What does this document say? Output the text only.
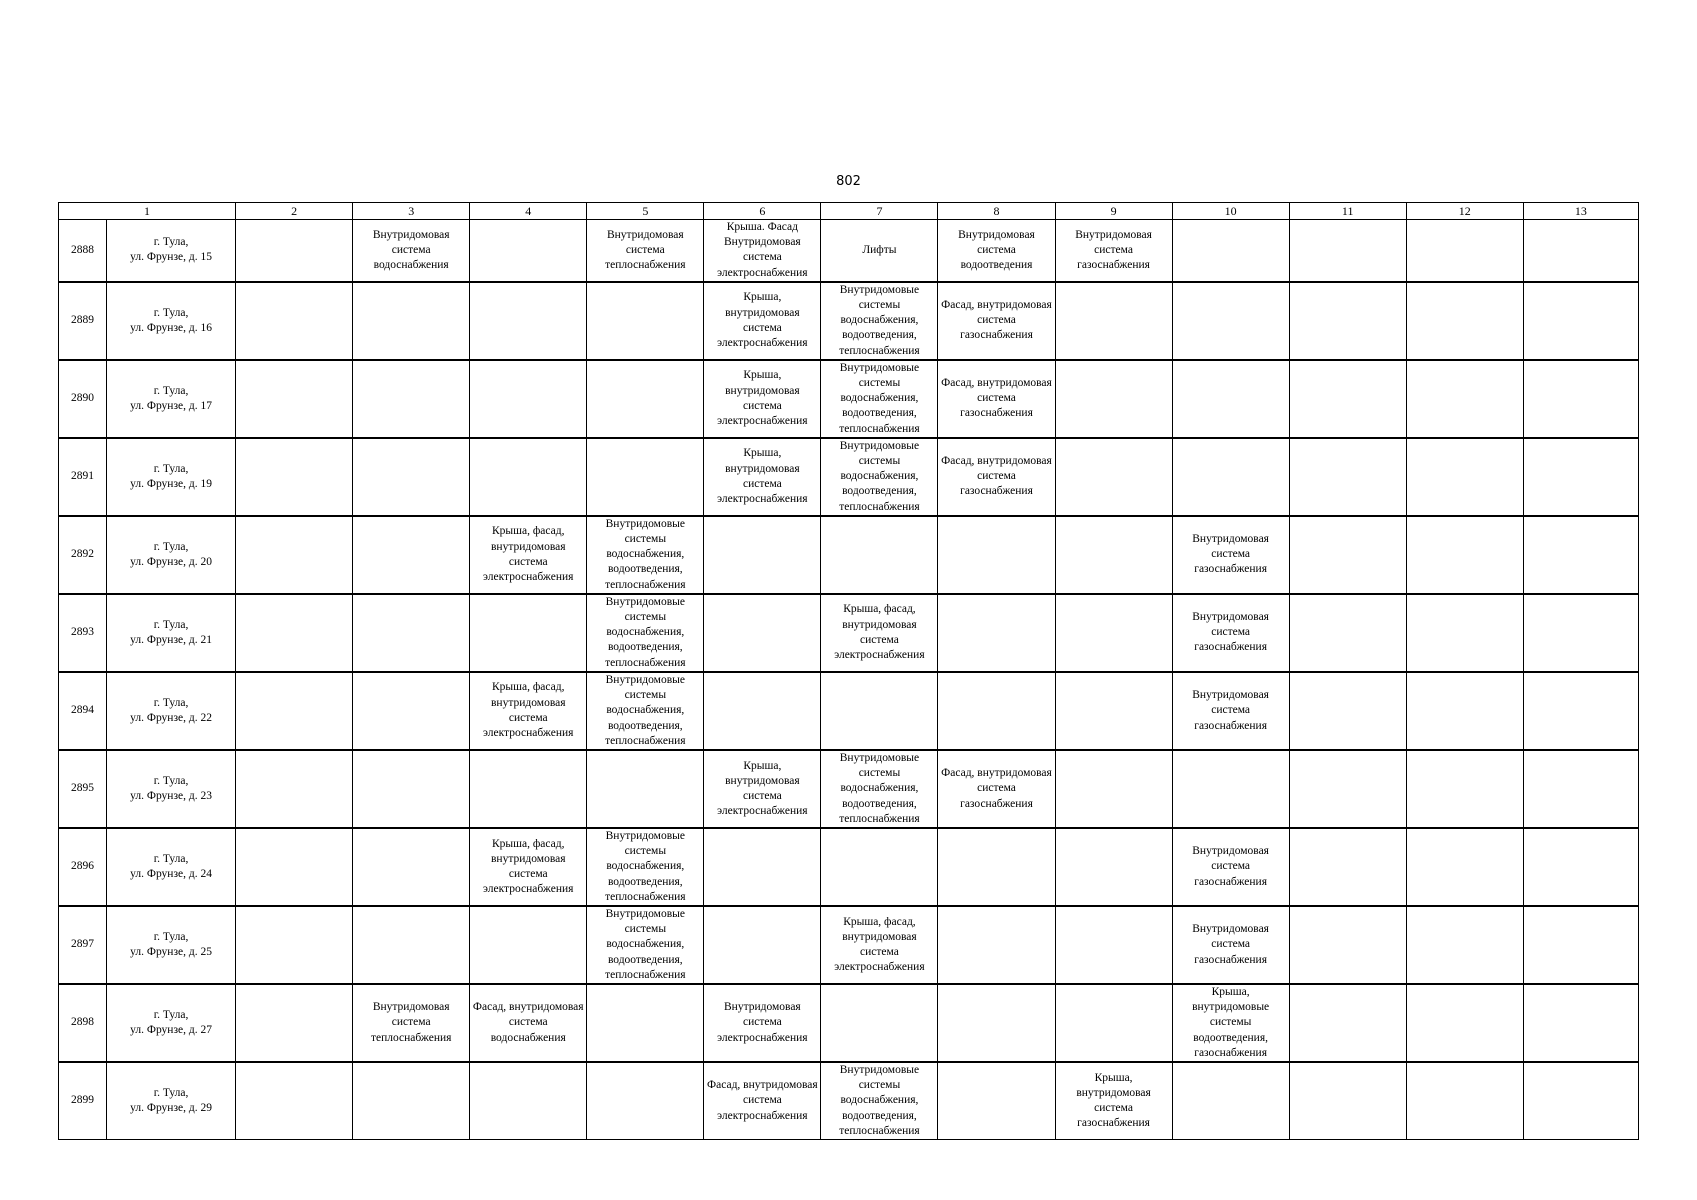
802
1		2	3	4	5	6	7	8	9	10	11	12	13
2888	г. Тула,
ул. Фрунзе, д. 15		Внутридомовая система водоснабжения		Внутридомовая система теплоснабжения	Крыша. Фасад Внутридомовая система электроснабжения	Лифты	Внутридомовая система водоотведения	Внутридомовая система газоснабжения				
2889	г. Тула,
ул. Фрунзе, д. 16					Крыша, внутридомовая система электроснабжения	Внутридомовые системы водоснабжения, водоотведения, теплоснабжения	Фасад, внутридомовая система газоснабжения					
2890	г. Тула,
ул. Фрунзе, д. 17					Крыша, внутридомовая система электроснабжения	Внутридомовые системы водоснабжения, водоотведения, теплоснабжения	Фасад, внутридомовая система газоснабжения					
2891	г. Тула,
ул. Фрунзе, д. 19					Крыша, внутридомовая система электроснабжения	Внутридомовые системы водоснабжения, водоотведения, теплоснабжения	Фасад, внутридомовая система газоснабжения					
2892	г. Тула,
ул. Фрунзе, д. 20			Крыша, фасад, внутридомовая система электроснабжения	Внутридомовые системы водоснабжения, водоотведения, теплоснабжения					Внутридомовая система газоснабжения			
2893	г. Тула,
ул. Фрунзе, д. 21				Внутридомовые системы водоснабжения, водоотведения, теплоснабжения		Крыша, фасад, внутридомовая система электроснабжения			Внутридомовая система газоснабжения			
2894	г. Тула,
ул. Фрунзе, д. 22			Крыша, фасад, внутридомовая система электроснабжения	Внутридомовые системы водоснабжения, водоотведения, теплоснабжения					Внутридомовая система газоснабжения			
2895	г. Тула,
ул. Фрунзе, д. 23					Крыша, внутридомовая система электроснабжения	Внутридомовые системы водоснабжения, водоотведения, теплоснабжения	Фасад, внутридомовая система газоснабжения					
2896	г. Тула,
ул. Фрунзе, д. 24			Крыша, фасад, внутридомовая система электроснабжения	Внутридомовые системы водоснабжения, водоотведения, теплоснабжения					Внутридомовая система газоснабжения			
2897	г. Тула,
ул. Фрунзе, д. 25				Внутридомовые системы водоснабжения, водоотведения, теплоснабжения		Крыша, фасад, внутридомовая система электроснабжения			Внутридомовая система газоснабжения			
2898	г. Тула,
ул. Фрунзе, д. 27		Внутридомовая система теплоснабжения	Фасад, внутридомовая система водоснабжения		Внутридомовая система электроснабжения				Крыша, внутридомовые системы водоотведения, газоснабжения			
2899	г. Тула,
ул. Фрунзе, д. 29					Фасад, внутридомовая система электроснабжения	Внутридомовые системы водоснабжения, водоотведения, теплоснабжения		Крыша, внутридомовая система газоснабжения				
